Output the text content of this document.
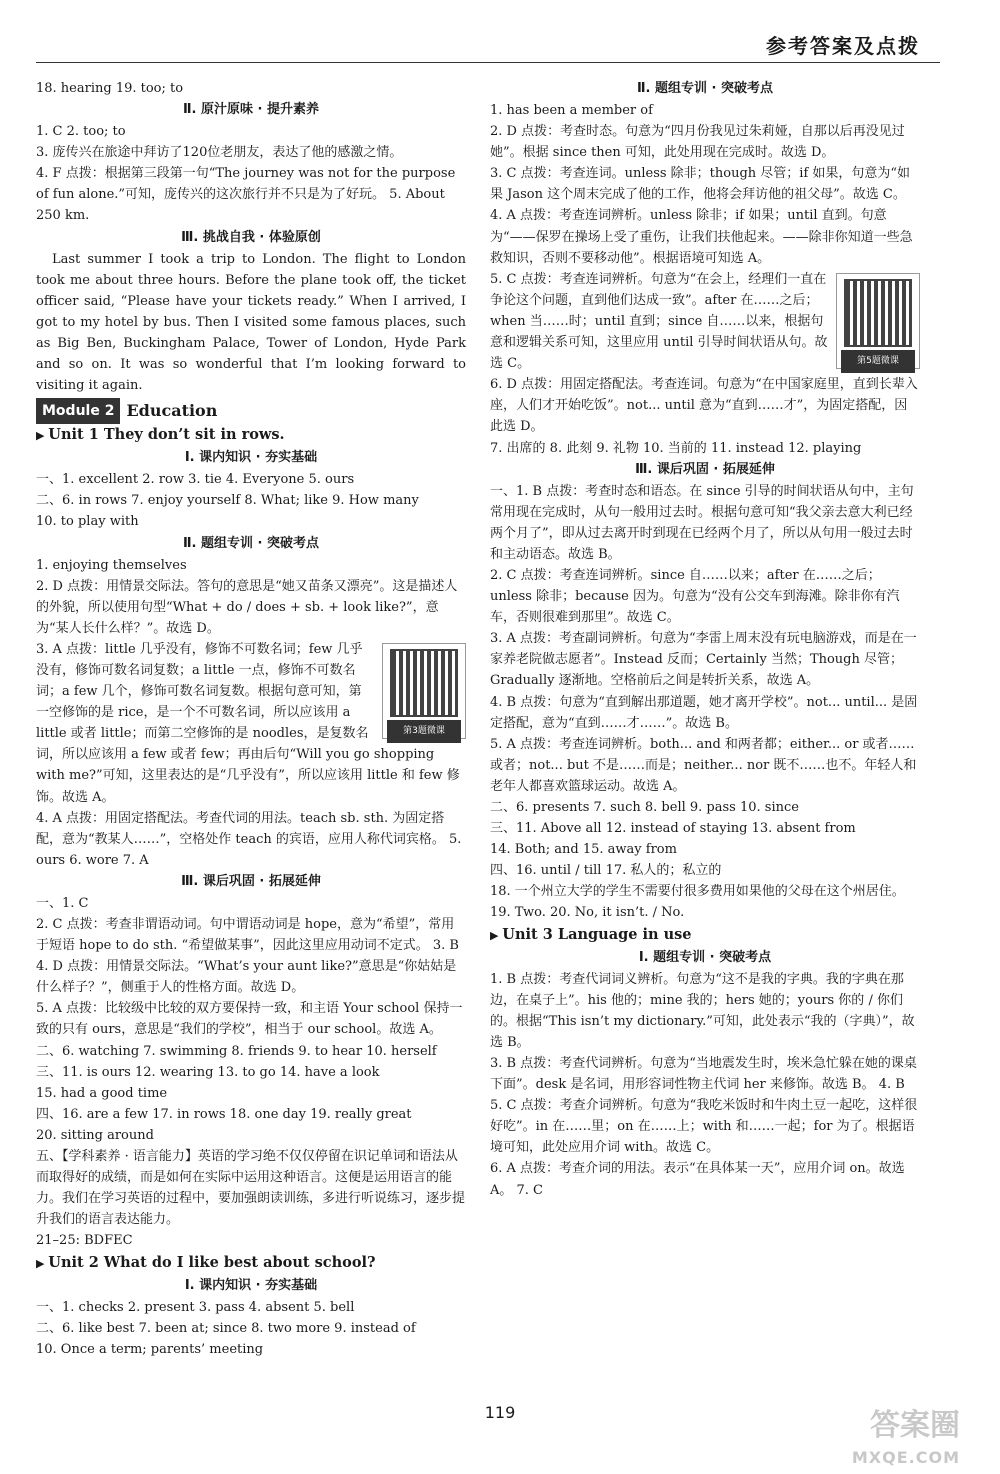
参考答案及点拨

18. hearing 19. too; to

Ⅱ. 原汁原味 · 提升素养

1. C 2. too; to

3. 庞传兴在旅途中拜访了120位老朋友，表达了他的感激之情。

4. F 点拨：根据第三段第一句“The journey was not for the purpose of fun alone.”可知，庞传兴的这次旅行并不只是为了好玩。 5. About 250 km.

Ⅲ. 挑战自我 · 体验原创

Last summer I took a trip to London. The flight to London took me about three hours. Before the plane took off, the ticket officer said, “Please have your tickets ready.” When I arrived, I got to my hotel by bus. Then I visited some famous places, such as Big Ben, Buckingham Palace, Tower of London, Hyde Park and so on. It was so wonderful that I’m looking forward to visiting it again.

Module 2 Education

▶ Unit 1 They don’t sit in rows.

Ⅰ. 课内知识 · 夯实基础

一、1. excellent 2. row 3. tie 4. Everyone 5. ours

二、6. in rows 7. enjoy yourself 8. What; like 9. How many

10. to play with

Ⅱ. 题组专训 · 突破考点

1. enjoying themselves

2. D 点拨：用情景交际法。答句的意思是“她又苗条又漂亮”。这是描述人的外貌，所以使用句型“What + do / does + sb. + look like?”，意为“某人长什么样？”。故选 D。

第3题微课

3. A 点拨：little 几乎没有，修饰不可数名词；few 几乎没有，修饰可数名词复数；a little 一点，修饰不可数名词；a few 几个，修饰可数名词复数。根据句意可知，第一空修饰的是 rice，是一个不可数名词，所以应该用 a little 或者 little；而第二空修饰的是 noodles，是复数名词，所以应该用 a few 或者 few；再由后句“Will you go shopping with me?”可知，这里表达的是“几乎没有”，所以应该用 little 和 few 修饰。故选 A。

4. A 点拨：用固定搭配法。考查代词的用法。teach sb. sth. 为固定搭配，意为“教某人……”，空格处作 teach 的宾语，应用人称代词宾格。 5. ours 6. wore 7. A

Ⅲ. 课后巩固 · 拓展延伸

一、1. C

2. C 点拨：考查非谓语动词。句中谓语动词是 hope，意为“希望”，常用于短语 hope to do sth. “希望做某事”，因此这里应用动词不定式。 3. B

4. D 点拨：用情景交际法。“What’s your aunt like?”意思是“你姑姑是什么样子？”，侧重于人的性格方面。故选 D。

5. A 点拨：比较级中比较的双方要保持一致，和主语 Your school 保持一致的只有 ours，意思是“我们的学校”，相当于 our school。故选 A。

二、6. watching 7. swimming 8. friends 9. to hear 10. herself

三、11. is ours 12. wearing 13. to go 14. have a look

15. had a good time

四、16. are a few 17. in rows 18. one day 19. really great

20. sitting around

五、【学科素养 · 语言能力】英语的学习绝不仅仅停留在识记单词和语法从而取得好的成绩，而是如何在实际中运用这种语言。这便是运用语言的能力。我们在学习英语的过程中，要加强朗读训练，多进行听说练习，逐步提升我们的语言表达能力。

21–25: BDFEC

▶ Unit 2 What do I like best about school?

Ⅰ. 课内知识 · 夯实基础

一、1. checks 2. present 3. pass 4. absent 5. bell

二、6. like best 7. been at; since 8. two more 9. instead of

10. Once a term; parents’ meeting

Ⅱ. 题组专训 · 突破考点

1. has been a member of

2. D 点拨：考查时态。句意为“四月份我见过朱莉娅，自那以后再没见过她”。根据 since then 可知，此处用现在完成时。故选 D。

3. C 点拨：考查连词。unless 除非；though 尽管；if 如果，句意为“如果 Jason 这个周末完成了他的工作，他将会拜访他的祖父母”。故选 C。

4. A 点拨：考查连词辨析。unless 除非；if 如果；until 直到。句意为“——保罗在操场上受了重伤，让我们扶他起来。——除非你知道一些急救知识，否则不要移动他”。根据语境可知选 A。

第5题微课

5. C 点拨：考查连词辨析。句意为“在会上，经理们一直在争论这个问题，直到他们达成一致”。after 在……之后；when 当……时；until 直到；since 自……以来，根据句意和逻辑关系可知，这里应用 until 引导时间状语从句。故选 C。

6. D 点拨：用固定搭配法。考查连词。句意为“在中国家庭里，直到长辈入座，人们才开始吃饭”。not... until 意为“直到……才”，为固定搭配，因此选 D。

7. 出席的 8. 此刻 9. 礼物 10. 当前的 11. instead 12. playing

Ⅲ. 课后巩固 · 拓展延伸

一、1. B 点拨：考查时态和语态。在 since 引导的时间状语从句中，主句常用现在完成时，从句一般用过去时。根据句意可知“我父亲去意大利已经两个月了”，即从过去离开时到现在已经两个月了，所以从句用一般过去时和主动语态。故选 B。

2. C 点拨：考查连词辨析。since 自……以来；after 在……之后；unless 除非；because 因为。句意为“没有公交车到海滩。除非你有汽车，否则很难到那里”。故选 C。

3. A 点拨：考查副词辨析。句意为“李雷上周末没有玩电脑游戏，而是在一家养老院做志愿者”。Instead 反而；Certainly 当然；Though 尽管；Gradually 逐渐地。空格前后之间是转折关系，故选 A。

4. B 点拨：句意为“直到解出那道题，她才离开学校”。not... until... 是固定搭配，意为“直到……才……”。故选 B。

5. A 点拨：考查连词辨析。both... and 和两者都；either... or 或者……或者；not... but 不是……而是；neither... nor 既不……也不。年轻人和老年人都喜欢篮球运动。故选 A。

二、6. presents 7. such 8. bell 9. pass 10. since

三、11. Above all 12. instead of staying 13. absent from

14. Both; and 15. away from

四、16. until / till 17. 私人的；私立的

18. 一个州立大学的学生不需要付很多费用如果他的父母在这个州居住。

19. Two. 20. No, it isn’t. / No.

▶ Unit 3 Language in use

Ⅰ. 题组专训 · 突破考点

1. B 点拨：考查代词词义辨析。句意为“这不是我的字典。我的字典在那边，在桌子上”。his 他的；mine 我的；hers 她的；yours 你的 / 你们的。根据“This isn’t my dictionary.”可知，此处表示“我的（字典）”，故选 B。

3. B 点拨：考查代词辨析。句意为“当地震发生时，埃米急忙躲在她的课桌下面”。desk 是名词，用形容词性物主代词 her 来修饰。故选 B。 4. B

5. C 点拨：考查介词辨析。句意为“我吃米饭时和牛肉土豆一起吃，这样很好吃”。in 在……里；on 在……上；with 和……一起；for 为了。根据语境可知，此处应用介词 with。故选 C。

6. A 点拨：考查介词的用法。表示“在具体某一天”，应用介词 on。故选 A。 7. C

119	答案圈
MXQE.COM
